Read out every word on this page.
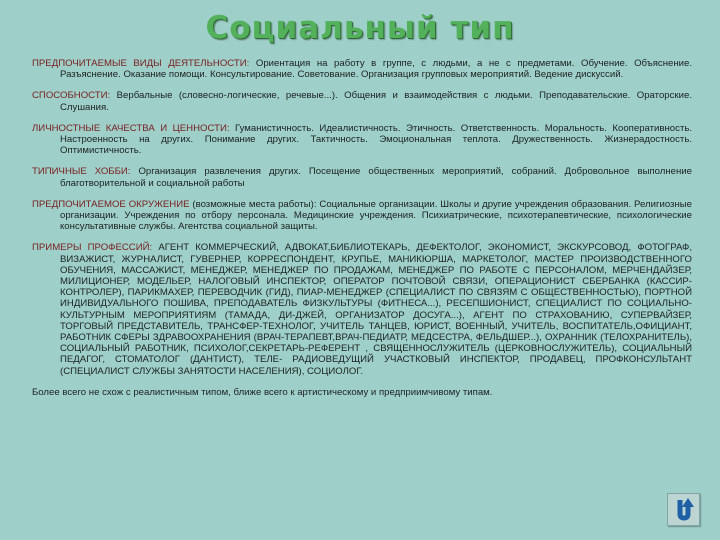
Социальный тип

ПРЕДПОЧИТАЕМЫЕ ВИДЫ ДЕЯТЕЛЬНОСТИ: Ориентация на работу в группе, с людьми, а не с предметами. Обучение. Объяснение. Разъяснение. Оказание помощи. Консультирование. Советование. Организация групповых мероприятий. Ведение дискуссий.

СПОСОБНОСТИ: Вербальные (словесно-логические, речевые...). Общения и взаимодействия с людьми. Преподавательские. Ораторские. Слушания.

ЛИЧНОСТНЫЕ КАЧЕСТВА И ЦЕННОСТИ: Гуманистичность. Идеалистичность. Этичность. Ответственность. Моральность. Кооперативность. Настроенность на других. Понимание других. Тактичность. Эмоциональная теплота. Дружественность. Жизнерадостность. Оптимистичность.

ТИПИЧНЫЕ ХОББИ: Организация развлечения других. Посещение общественных мероприятий, собраний. Добровольное выполнение благотворительной и социальной работы

ПРЕДПОЧИТАЕМОЕ ОКРУЖЕНИЕ (возможные места работы): Социальные организации. Школы и другие учреждения образования. Религиозные организации. Учреждения по отбору персонала. Медицинские учреждения. Психиатрические, психотерапевтические, психологические консультативные службы. Агентства социальной защиты.

ПРИМЕРЫ ПРОФЕССИЙ: АГЕНТ КОММЕРЧЕСКИЙ, АДВОКАТ,БИБЛИОТЕКАРЬ, ДЕФЕКТОЛОГ, ЭКОНОМИСТ, ЭКСКУРСОВОД, ФОТОГРАФ, ВИЗАЖИСТ, ЖУРНАЛИСТ, ГУВЕРНЕР, КОРРЕСПОНДЕНТ, КРУПЬЕ, МАНИКЮРША, МАРКЕТОЛОГ, МАСТЕР ПРОИЗВОДСТВЕННОГО ОБУЧЕНИЯ, МАССАЖИСТ, МЕНЕДЖЕР, МЕНЕДЖЕР ПО ПРОДАЖАМ, МЕНЕДЖЕР ПО РАБОТЕ С ПЕРСОНАЛОМ, МЕРЧЕНДАЙЗЕР, МИЛИЦИОНЕР, МОДЕЛЬЕР, НАЛОГОВЫЙ ИНСПЕКТОР, ОПЕРАТОР ПОЧТОВОЙ СВЯЗИ, ОПЕРАЦИОНИСТ СБЕРБАНКА (КАССИР-КОНТРОЛЕР), ПАРИКМАХЕР, ПЕРЕВОДЧИК (ГИД), ПИАР-МЕНЕДЖЕР (СПЕЦИАЛИСТ ПО СВЯЗЯМ С ОБЩЕСТВЕННОСТЬЮ), ПОРТНОЙ ИНДИВИДУАЛЬНОГО ПОШИВА, ПРЕПОДАВАТЕЛЬ ФИЗКУЛЬТУРЫ (ФИТНЕСА...), РЕСЕПШИОНИСТ, СПЕЦИАЛИСТ ПО СОЦИАЛЬНО-КУЛЬТУРНЫМ МЕРОПРИЯТИЯМ (ТАМАДА, ДИ-ДЖЕЙ, ОРГАНИЗАТОР ДОСУГА...), АГЕНТ ПО СТРАХОВАНИЮ, СУПЕРВАЙЗЕР, ТОРГОВЫЙ ПРЕДСТАВИТЕЛЬ, ТРАНСФЕР-ТЕХНОЛОГ, УЧИТЕЛЬ ТАНЦЕВ, ЮРИСТ, ВОЕННЫЙ, УЧИТЕЛЬ, ВОСПИТАТЕЛЬ,ОФИЦИАНТ, РАБОТНИК СФЕРЫ ЗДРАВООХРАНЕНИЯ (ВРАЧ-ТЕРАПЕВТ,ВРАЧ-ПЕДИАТР, МЕДСЕСТРА, ФЕЛЬДШЕР...), ОХРАННИК (ТЕЛОХРАНИТЕЛЬ), СОЦИАЛЬНЫЙ РАБОТНИК, ПСИХОЛОГ,СЕКРЕТАРЬ-РЕФЕРЕНТ , СВЯЩЕННОСЛУЖИТЕЛЬ (ЦЕРКОВНОСЛУЖИТЕЛЬ), СОЦИАЛЬНЫЙ ПЕДАГОГ, СТОМАТОЛОГ (ДАНТИСТ), ТЕЛЕ- РАДИОВЕДУЩИЙ УЧАСТКОВЫЙ ИНСПЕКТОР, ПРОДАВЕЦ, ПРОФКОНСУЛЬТАНТ (СПЕЦИАЛИСТ СЛУЖБЫ ЗАНЯТОСТИ НАСЕЛЕНИЯ), СОЦИОЛОГ.

Более всего не схож с реалистичным типом, ближе всего к артистическому и предприимчивому типам.
